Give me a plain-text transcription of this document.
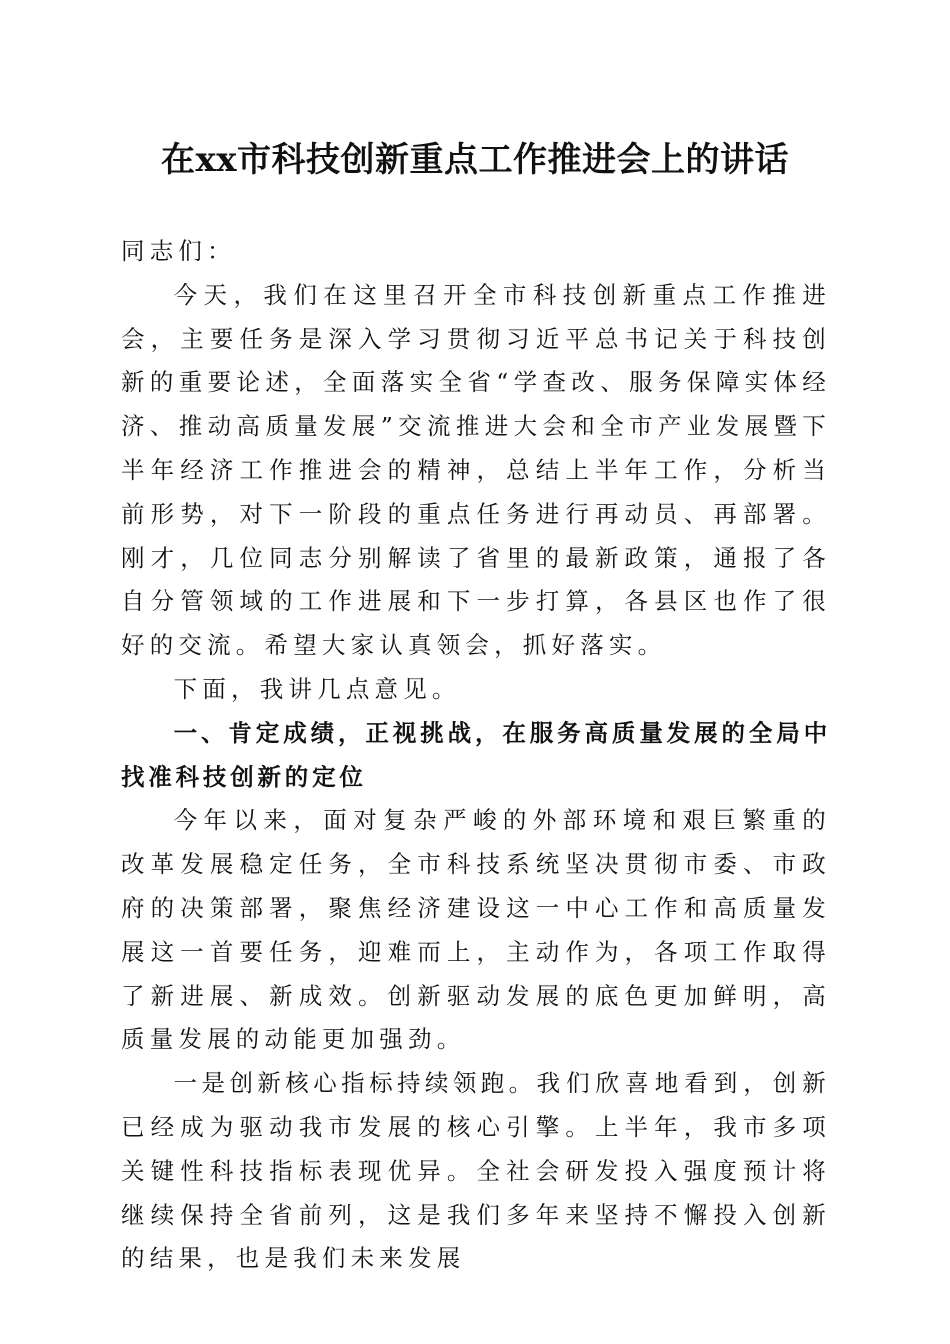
在xx市科技创新重点工作推进会上的讲话

同志们：

今天，我们在这里召开全市科技创新重点工作推进会，主要任务是深入学习贯彻习近平总书记关于科技创新的重要论述，全面落实全省“学查改、服务保障实体经济、推动高质量发展”交流推进大会和全市产业发展暨下半年经济工作推进会的精神，总结上半年工作，分析当前形势，对下一阶段的重点任务进行再动员、再部署。刚才，几位同志分别解读了省里的最新政策，通报了各自分管领域的工作进展和下一步打算，各县区也作了很好的交流。希望大家认真领会，抓好落实。

下面，我讲几点意见。

一、肯定成绩，正视挑战，在服务高质量发展的全局中找准科技创新的定位

今年以来，面对复杂严峻的外部环境和艰巨繁重的改革发展稳定任务，全市科技系统坚决贯彻市委、市政府的决策部署，聚焦经济建设这一中心工作和高质量发展这一首要任务，迎难而上，主动作为，各项工作取得了新进展、新成效。创新驱动发展的底色更加鲜明，高质量发展的动能更加强劲。

一是创新核心指标持续领跑。我们欣喜地看到，创新已经成为驱动我市发展的核心引擎。上半年，我市多项关键性科技指标表现优异。全社会研发投入强度预计将继续保持全省前列，这是我们多年来坚持不懈投入创新的结果，也是我们未来发展
